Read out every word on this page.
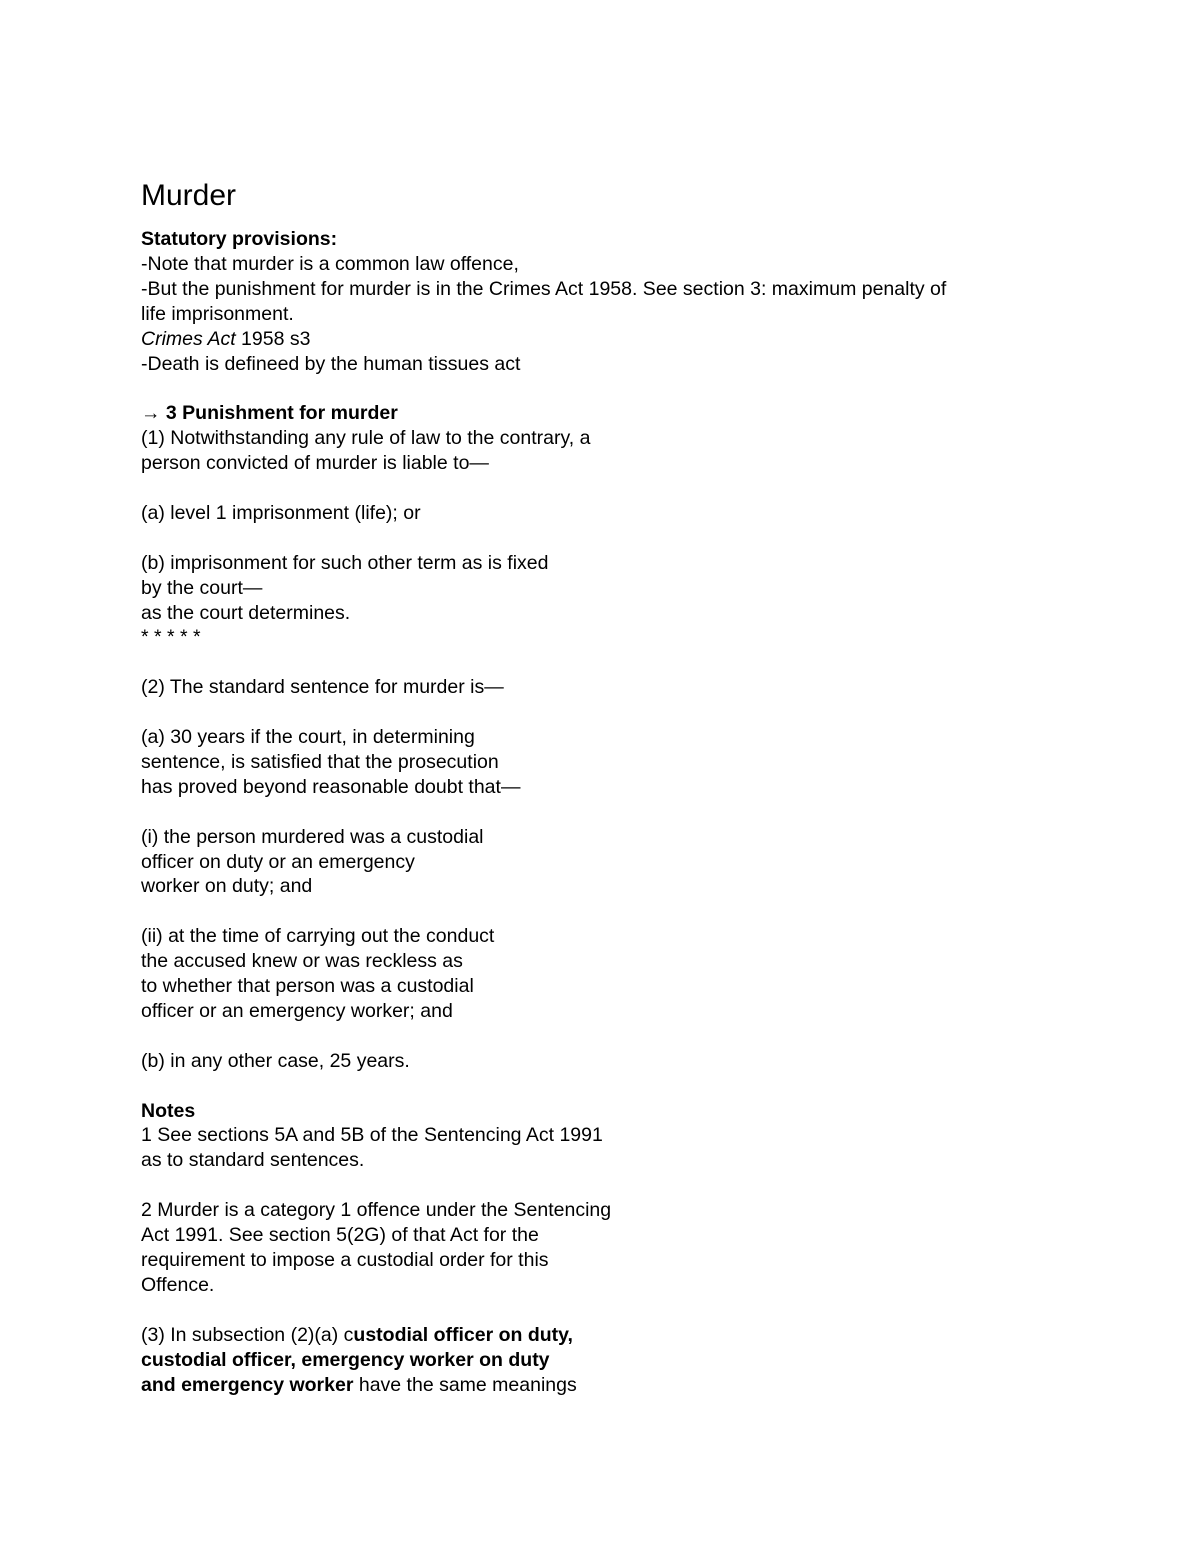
Murder
Statutory provisions:
-Note that murder is a common law offence,
-But the punishment for murder is in the Crimes Act 1958. See section 3: maximum penalty of
life imprisonment.
Crimes Act 1958 s3
-Death is defineed by the human tissues act
→ 3 Punishment for murder
(1) Notwithstanding any rule of law to the contrary, a
person convicted of murder is liable to—
(a) level 1 imprisonment (life); or
(b) imprisonment for such other term as is fixed
by the court—
as the court determines.
* * * * *
(2) The standard sentence for murder is—
(a) 30 years if the court, in determining
sentence, is satisfied that the prosecution
has proved beyond reasonable doubt that—
(i) the person murdered was a custodial
officer on duty or an emergency
worker on duty; and
(ii) at the time of carrying out the conduct
the accused knew or was reckless as
to whether that person was a custodial
officer or an emergency worker; and
(b) in any other case, 25 years.
Notes
1 See sections 5A and 5B of the Sentencing Act 1991
as to standard sentences.
2 Murder is a category 1 offence under the Sentencing
Act 1991. See section 5(2G) of that Act for the
requirement to impose a custodial order for this
Offence.
(3) In subsection (2)(a) custodial officer on duty,
custodial officer, emergency worker on duty
and emergency worker have the same meanings
